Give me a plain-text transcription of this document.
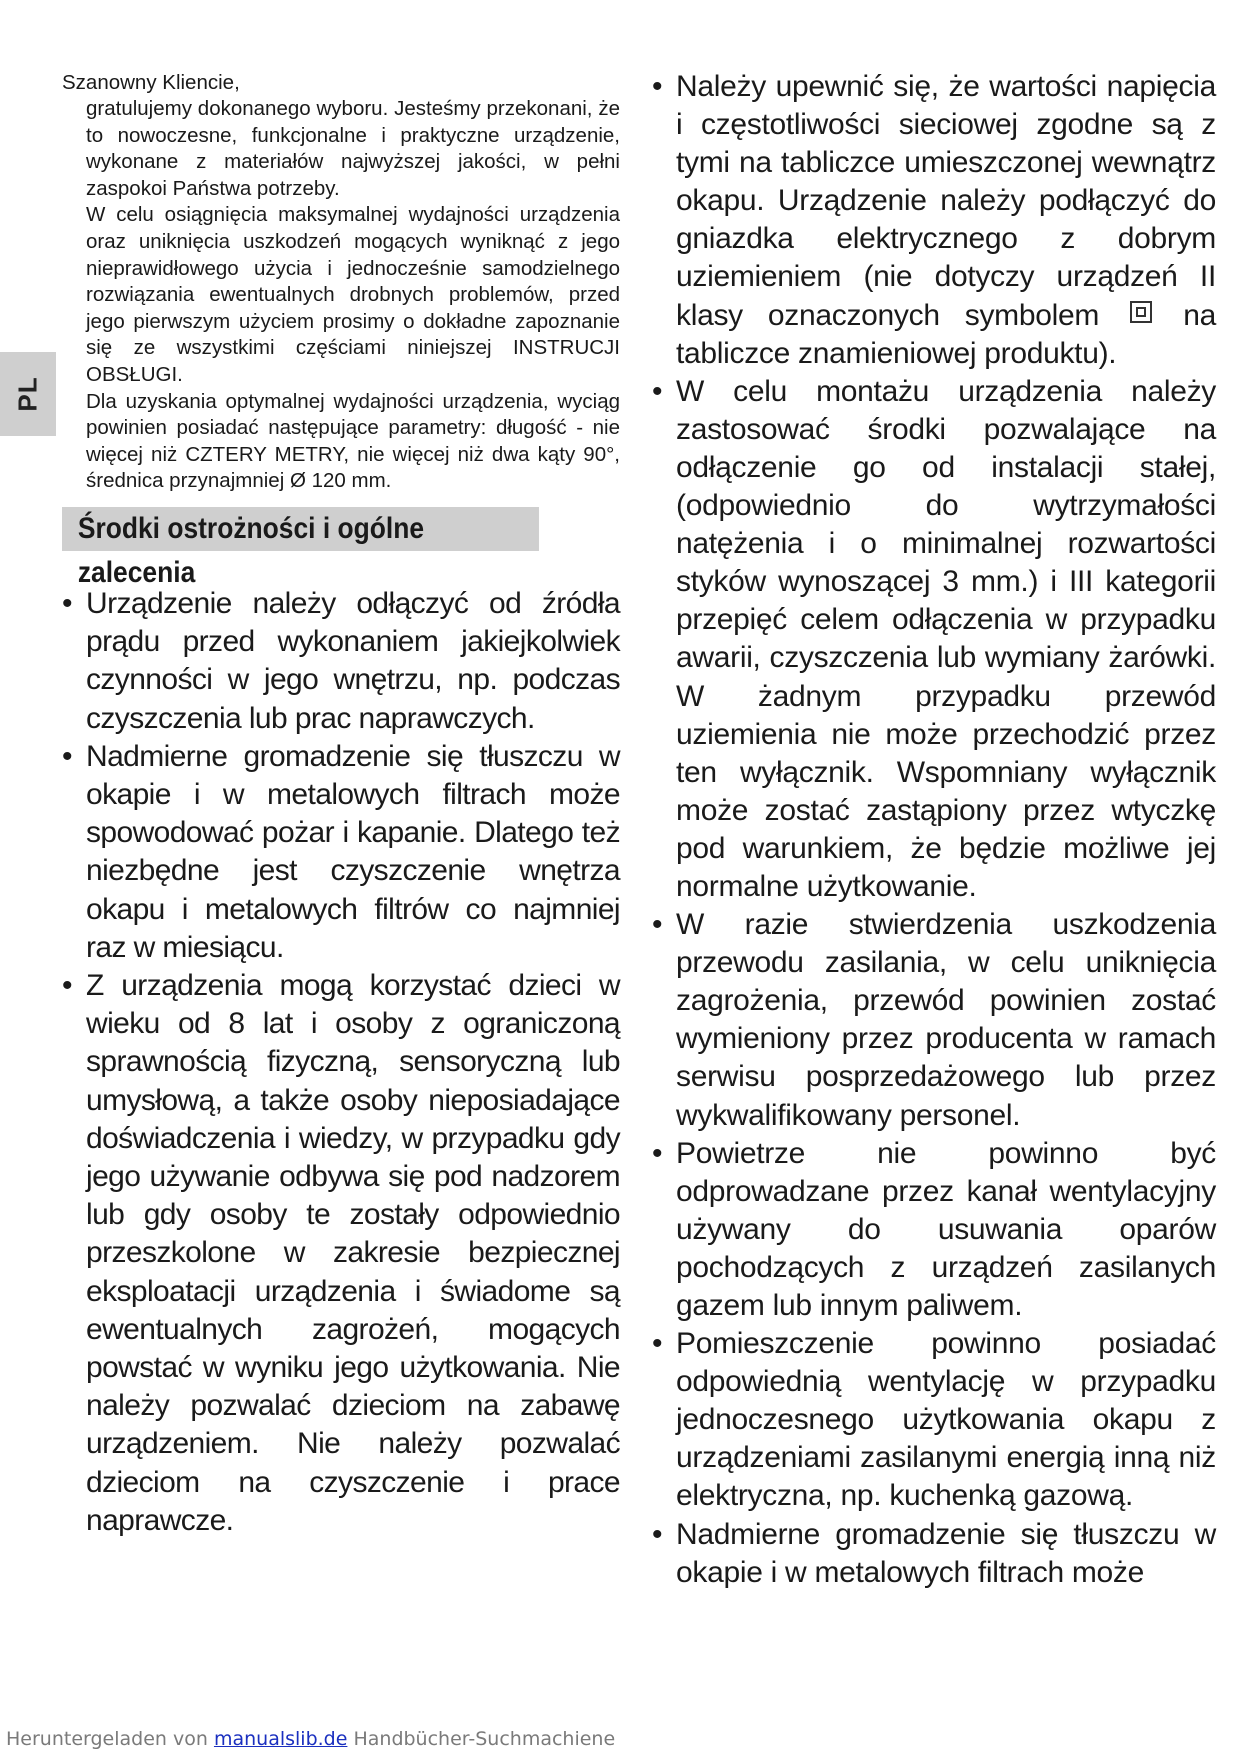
PL

Szanowny Kliencie,

gratulujemy dokonanego wyboru. Jesteśmy przekonani, że to nowoczesne, funkcjonalne i praktyczne urządzenie, wykonane z materiałów najwyższej jakości, w pełni zaspokoi Państwa potrzeby.

W celu osiągnięcia maksymalnej wydajności urządzenia oraz uniknięcia uszkodzeń mogących wyniknąć z jego nieprawidłowego użycia i jednocześnie samodzielnego rozwiązania ewentualnych drobnych problemów, przed jego pierwszym użyciem prosimy o dokładne zapoznanie się ze wszystkimi częściami niniejszej INSTRUCJI OBSŁUGI.

Dla uzyskania optymalnej wydajności urządzenia, wyciąg powinien posiadać następujące parametry: długość - nie więcej niż CZTERY METRY, nie więcej niż dwa kąty 90°, średnica przynajmniej Ø 120 mm.

Środki ostrożności i ogólne zalecenia
• Urządzenie należy odłączyć od źródła prądu przed wykonaniem jakiejkolwiek czynności w jego wnętrzu, np. podczas czyszczenia lub prac naprawczych.
• Nadmierne gromadzenie się tłuszczu w okapie i w metalowych filtrach może spowodować pożar i kapanie. Dlatego też niezbędne jest czyszczenie wnętrza okapu i metalowych filtrów co najmniej raz w miesiącu.
• Z urządzenia mogą korzystać dzieci w wieku od 8 lat i osoby z ograniczoną sprawnością fizyczną, sensoryczną lub umysłową, a także osoby nieposiadające doświadczenia i wiedzy, w przypadku gdy jego używanie odbywa się pod nadzorem lub gdy osoby te zostały odpowiednio przeszkolone w zakresie bezpiecznej eksploatacji urządzenia i świadome są ewentualnych zagrożeń, mogących powstać w wyniku jego użytkowania. Nie należy pozwalać dzieciom na zabawę urządzeniem. Nie należy pozwalać dzieciom na czyszczenie i prace naprawcze.
• Należy upewnić się, że wartości napięcia i częstotliwości sieciowej zgodne są z tymi na tabliczce umieszczonej wewnątrz okapu. Urządzenie należy podłączyć do gniazdka elektrycznego z dobrym uziemieniem (nie dotyczy urządzeń II klasy oznaczonych symbolem	na tabliczce znamieniowej produktu).
• W celu montażu urządzenia należy zastosować środki pozwalające na odłączenie go od instalacji stałej, (odpowiednio do wytrzymałości natężenia i o minimalnej rozwartości styków wynoszącej 3 mm.) i III kategorii przepięć celem odłączenia w przypadku awarii, czyszczenia lub wymiany żarówki. W żadnym przypadku przewód uziemienia nie może przechodzić przez ten wyłącznik. Wspomniany wyłącznik może zostać zastąpiony przez wtyczkę pod warunkiem, że będzie możliwe jej normalne użytkowanie.
• W razie stwierdzenia uszkodzenia przewodu zasilania, w celu uniknięcia zagrożenia, przewód powinien zostać wymieniony przez producenta w ramach serwisu posprzedażowego lub przez wykwalifikowany personel.
• Powietrze nie powinno być odprowadzane przez kanał wentylacyjny używany do usuwania oparów pochodzących z urządzeń zasilanych gazem lub innym paliwem.
• Pomieszczenie powinno posiadać odpowiednią wentylację w przypadku jednoczesnego użytkowania okapu z urządzeniami zasilanymi energią inną niż elektryczna, np. kuchenką gazową.
• Nadmierne gromadzenie się tłuszczu w okapie i w metalowych filtrach może
Heruntergeladen von manualslib.de Handbücher-Suchmachiene
